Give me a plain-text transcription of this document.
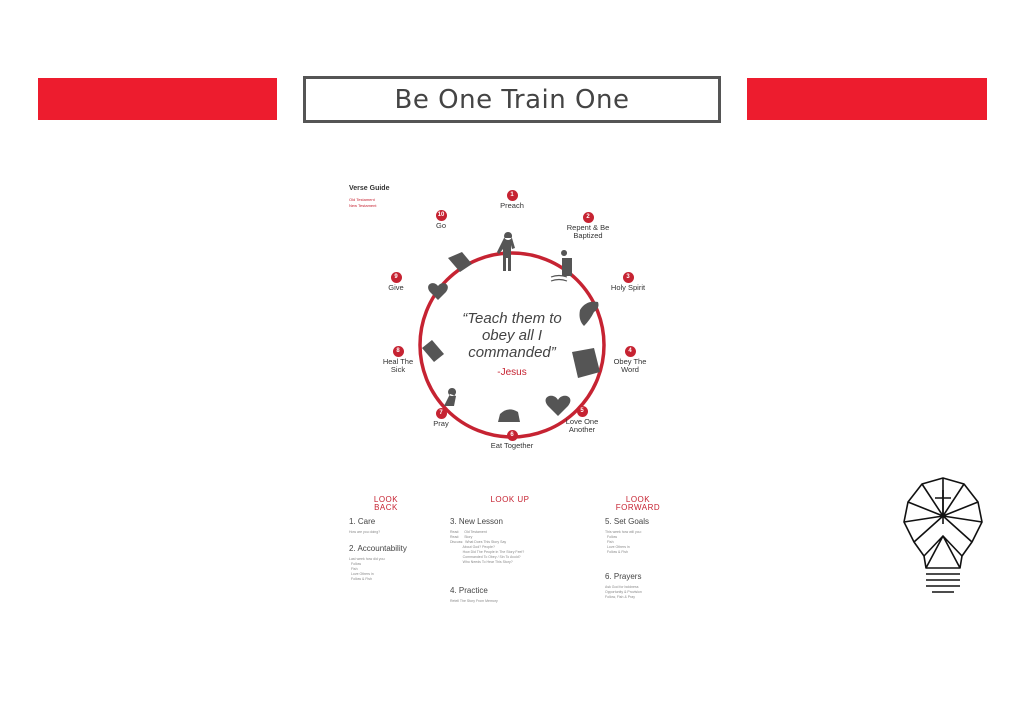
Be One Train One
Verse Guide
Old Testament
New Testament
1
Preach
2
Repent & Be Baptized
3
Holy Spirit
4
Obey The Word
5
Love One Another
6
Eat Together
7
Pray
8
Heal The Sick
9
Give
10
Go
“Teach them to obey all I commanded”
-Jesus
LOOK BACK
1. Care
How are you doing?
2. Accountability
Last week how did you:
Follow
Fish
Love Others in
Follow & Fish
LOOK UP
3. New Lesson
Read:     Old Testament
Read:     Story
Discuss:  What Does This Story Say
About God? People?
How Did The People in The Story Feel?
Commanded To Obey / Sin To Avoid?
Who Needs To Hear This Story?
4. Practice
Retell The Story From Memory
LOOK FORWARD
5. Set Goals
This week how will you:
Follow
Fish
Love Others in
Follow & Fish
6. Prayers
Ask God for boldness
Opportunity & Provision
Follow, Fish & Pray
